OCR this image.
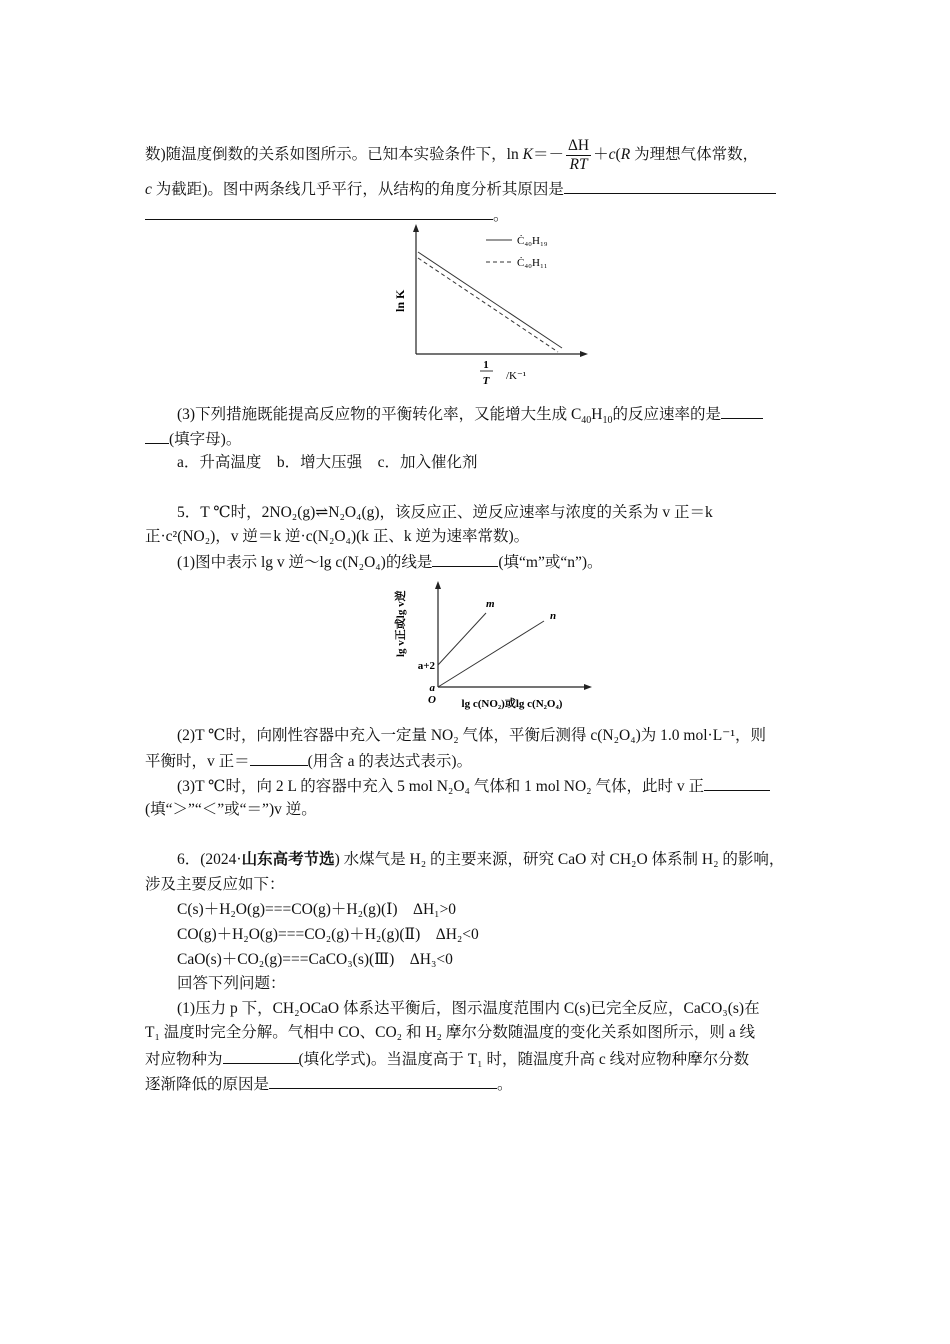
数)随温度倒数的关系如图所示。已知本实验条件下，$\ln K=- \frac{\Delta H}{RT} +c(R$ 为理想气体常数，
c 为截距)。图中两条线几乎平行，从结构的角度分析其原因是
。
Ċ₄₀H₁₉
Ċ₄₀H₁₁
ln K
1
T /K⁻¹
(3)下列措施既能提高反应物的平衡转化率，又能增大生成 $C_{40}H_{10}$的反应速率的是
(填字母)。
a．升高温度　b．增大压强　c．加入催化剂
5．T ℃时，2NO₂(g)⇌N₂O₄(g)，该反应正、逆反应速率与浓度的关系为 v 正＝k
正·c²(NO₂)，v 逆＝k 逆·c(N₂O₄)(k 正、k 逆为速率常数)。
(1)图中表示 lg v 逆～lg c(N₂O₄)的线是	(填“m”或“n”)。
m
n
a+2
a
O lg c(NO₂)或lg c(N₂O₄)
lg v正或lg v逆
(2)T ℃时，向刚性容器中充入一定量 NO₂ 气体，平衡后测得 c(N₂O₄)为 1.0 mol·L⁻¹，则
平衡时，v 正＝	(用含 a 的表达式表示)。
(3)T ℃时，向 2 L 的容器中充入 5 mol N₂O₄ 气体和 1 mol NO₂ 气体，此时 v 正
(填“＞”“＜”或“＝”)v 逆。
6．(2024·山东高考节选) 水煤气是 H₂ 的主要来源，研究 CaO 对 CH₂O 体系制 H₂ 的影响，
涉及主要反应如下：
C(s)＋H₂O(g)===CO(g)＋H₂(g)(Ⅰ)　ΔH₁>0
CO(g)＋H₂O(g)===CO₂(g)＋H₂(g)(Ⅱ)　ΔH₂<0
CaO(s)＋CO₂(g)===CaCO₃(s)(Ⅲ)　ΔH₃<0
回答下列问题：
(1)压力 p 下，CH₂OCaO 体系达平衡后，图示温度范围内 C(s)已完全反应，CaCO₃(s)在
T₁ 温度时完全分解。气相中 CO、CO₂ 和 H₂ 摩尔分数随温度的变化关系如图所示，则 a 线
对应物种为	(填化学式)。当温度高于 T₁ 时，随温度升高 c 线对应物种摩尔分数
逐渐降低的原因是	。
